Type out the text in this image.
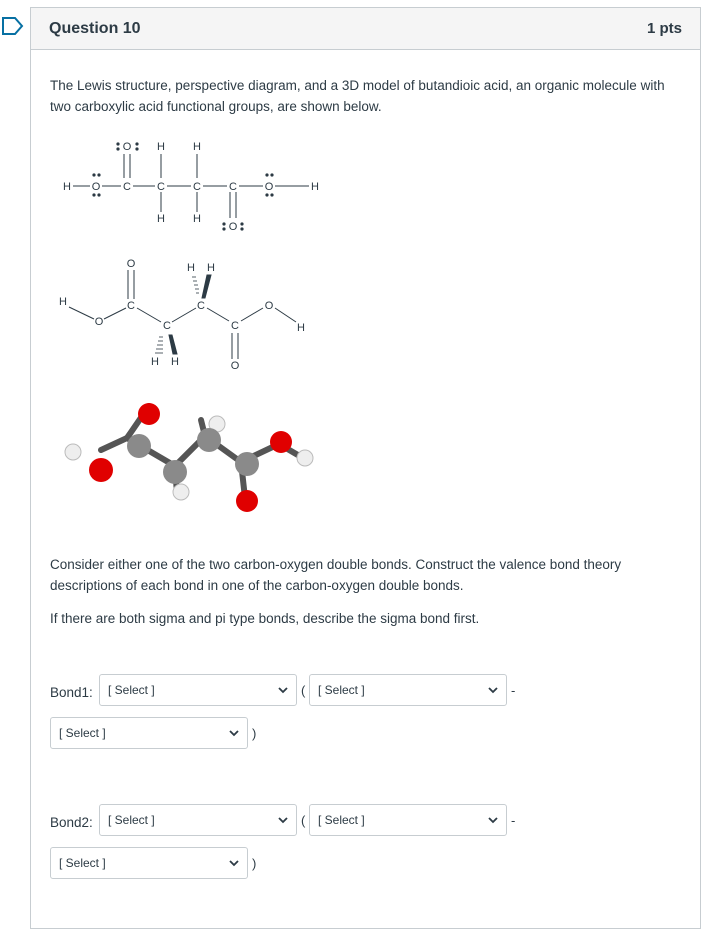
Question 10	1 pts
The Lewis structure, perspective diagram, and a 3D model of butandioic acid, an organic molecule with two carboxylic acid functional groups, are shown below.
H O C C	C	C	O	H
O
O
H	H
H	H
H
O
C
O
C
H H
C
H H
C
O
O
H
Consider either one of the two carbon-oxygen double bonds. Construct the valence bond theory descriptions of each bond in one of the carbon-oxygen double bonds.
If there are both sigma and pi type bonds, describe the sigma bond first.
Bond1: [ Select ]	( [ Select ]	-
[ Select ]	)
Bond2: [ Select ]	( [ Select ]	-
[ Select ]	)
